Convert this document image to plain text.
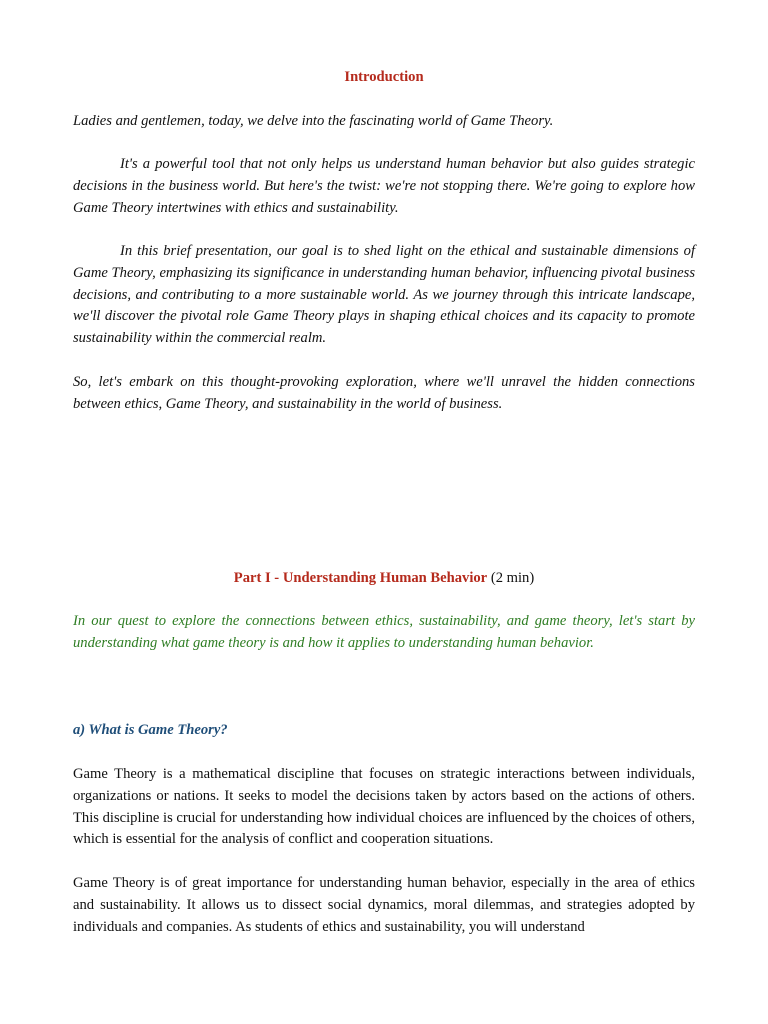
Introduction

Ladies and gentlemen, today, we delve into the fascinating world of Game Theory.

It's a powerful tool that not only helps us understand human behavior but also guides strategic decisions in the business world. But here's the twist: we're not stopping there. We're going to explore how Game Theory intertwines with ethics and sustainability.

In this brief presentation, our goal is to shed light on the ethical and sustainable dimensions of Game Theory, emphasizing its significance in understanding human behavior, influencing pivotal business decisions, and contributing to a more sustainable world. As we journey through this intricate landscape, we'll discover the pivotal role Game Theory plays in shaping ethical choices and its capacity to promote sustainability within the commercial realm.

So, let's embark on this thought-provoking exploration, where we'll unravel the hidden connections between ethics, Game Theory, and sustainability in the world of business.

Part I - Understanding Human Behavior (2 min)

In our quest to explore the connections between ethics, sustainability, and game theory, let's start by understanding what game theory is and how it applies to understanding human behavior.

a) What is Game Theory?

Game Theory is a mathematical discipline that focuses on strategic interactions between individuals, organizations or nations. It seeks to model the decisions taken by actors based on the actions of others. This discipline is crucial for understanding how individual choices are influenced by the choices of others, which is essential for the analysis of conflict and cooperation situations.

Game Theory is of great importance for understanding human behavior, especially in the area of ethics and sustainability. It allows us to dissect social dynamics, moral dilemmas, and strategies adopted by individuals and companies. As students of ethics and sustainability, you will understand
